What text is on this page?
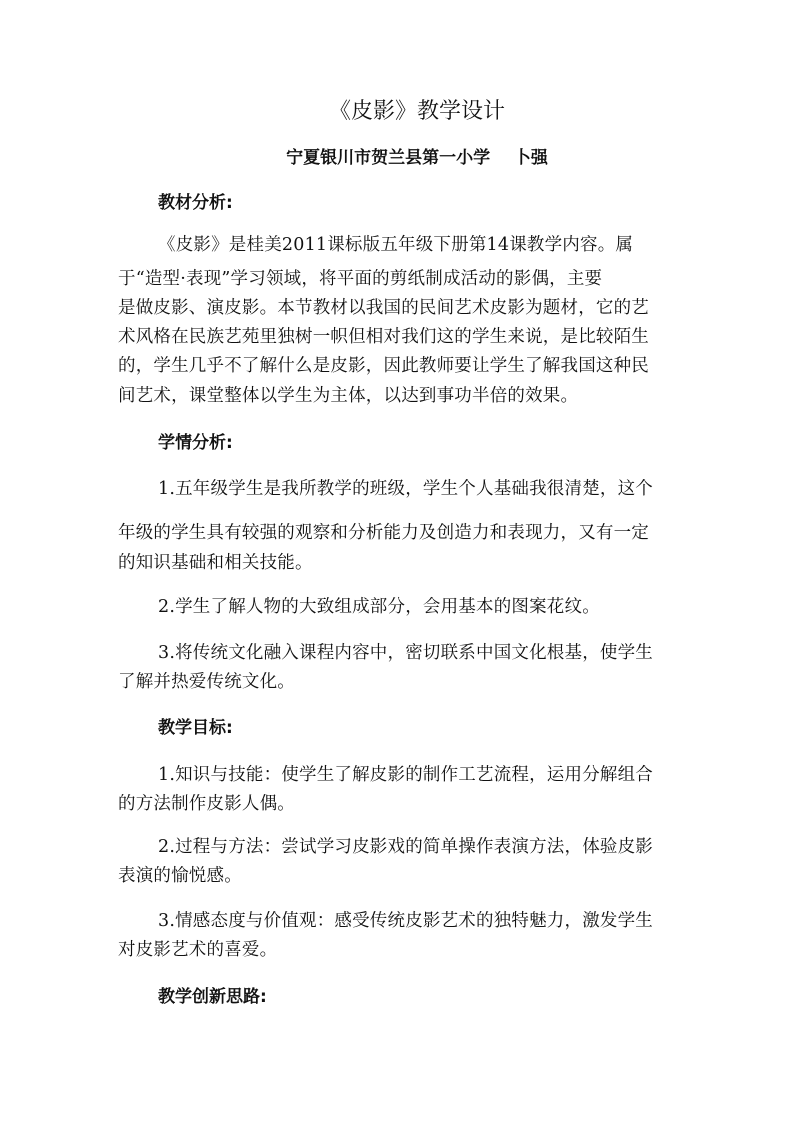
《皮影》教学设计
宁夏银川市贺兰县第一小学    卜强
教材分析:
《皮影》是桂美2011课标版五年级下册第14课教学内容。属
于“造型·表现”学习领域，将平面的剪纸制成活动的影偶，主要
是做皮影、演皮影。本节教材以我国的民间艺术皮影为题材，它的艺
术风格在民族艺苑里独树一帜但相对我们这的学生来说，是比较陌生
的，学生几乎不了解什么是皮影，因此教师要让学生了解我国这种民
间艺术，课堂整体以学生为主体，以达到事功半倍的效果。
学情分析:
1.五年级学生是我所教学的班级，学生个人基础我很清楚，这个
年级的学生具有较强的观察和分析能力及创造力和表现力，又有一定
的知识基础和相关技能。
2.学生了解人物的大致组成部分，会用基本的图案花纹。
3.将传统文化融入课程内容中，密切联系中国文化根基，使学生
了解并热爱传统文化。
教学目标:
1.知识与技能：使学生了解皮影的制作工艺流程，运用分解组合
的方法制作皮影人偶。
2.过程与方法：尝试学习皮影戏的简单操作表演方法，体验皮影
表演的愉悦感。
3.情感态度与价值观：感受传统皮影艺术的独特魅力，激发学生
对皮影艺术的喜爱。
教学创新思路:
